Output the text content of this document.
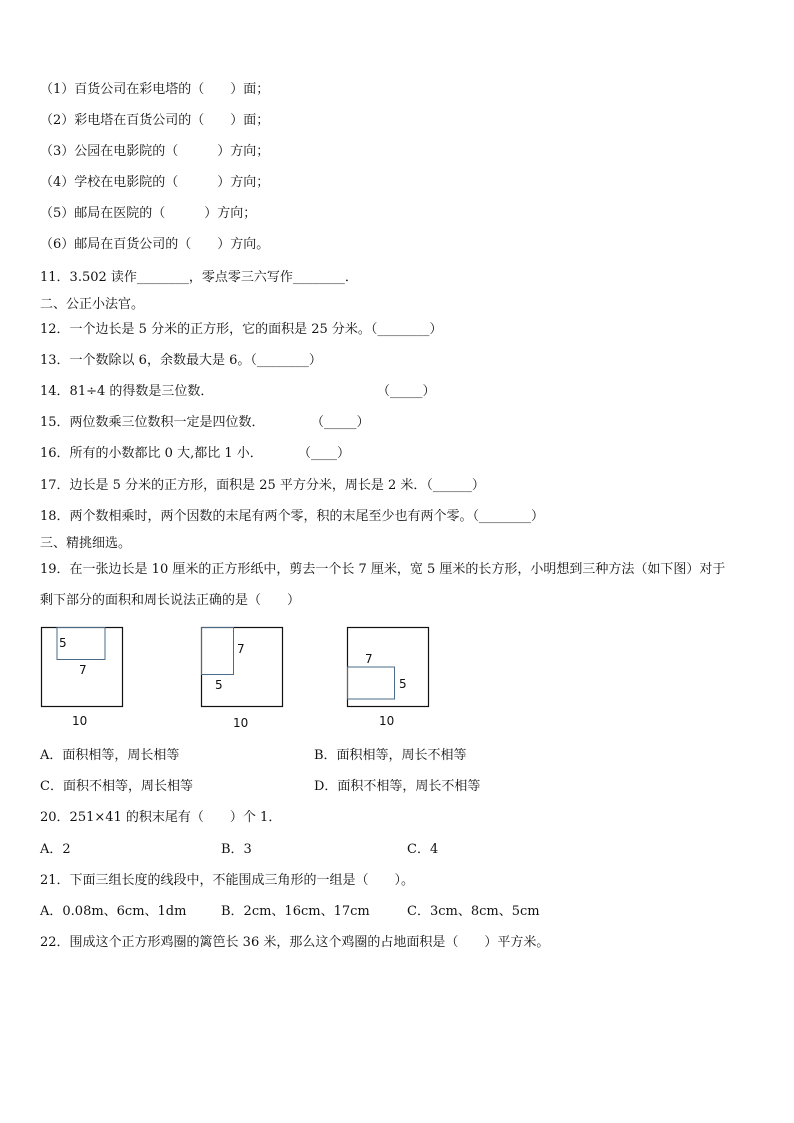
（1）百货公司在彩电塔的（　　）面；
（2）彩电塔在百货公司的（　　）面；
（3）公园在电影院的（　　　）方向；
（4）学校在电影院的（　　　）方向；
（5）邮局在医院的（　　　）方向；
（6）邮局在百货公司的（　　）方向。
11．3.502 读作________，零点零三六写作________．
二、公正小法官。
12．一个边长是 5 分米的正方形，它的面积是 25 分米。（________）
13．一个数除以 6，余数最大是 6。（________）
14．81÷4 的得数是三位数．	（_____）
15．两位数乘三位数积一定是四位数．	（_____）
16．所有的小数都比 0 大,都比 1 小．	（____）
17．边长是 5 分米的正方形，面积是 25 平方分米，周长是 2 米．（______）
18．两个数相乘时，两个因数的末尾有两个零，积的末尾至少也有两个零。（________）
三、精挑细选。
19．在一张边长是 10 厘米的正方形纸中，剪去一个长 7 厘米，宽 5 厘米的长方形，小明想到三种方法（如下图）对于
剩下部分的面积和周长说法正确的是（　　）
5
7
10
7
5
10
7
5
10
A．面积相等，周长相等	B．面积相等，周长不相等
C．面积不相等，周长相等	D．面积不相等，周长不相等
20．251×41 的积末尾有（　　）个 1．
A．2	B．3	C．4
21．下面三组长度的线段中，不能围成三角形的一组是（　　）。
A．0.08m、6cm、1dm	B．2cm、16cm、17cm	C．3cm、8cm、5cm
22．围成这个正方形鸡圈的篱笆长 36 米，那么这个鸡圈的占地面积是（　　）平方米。
